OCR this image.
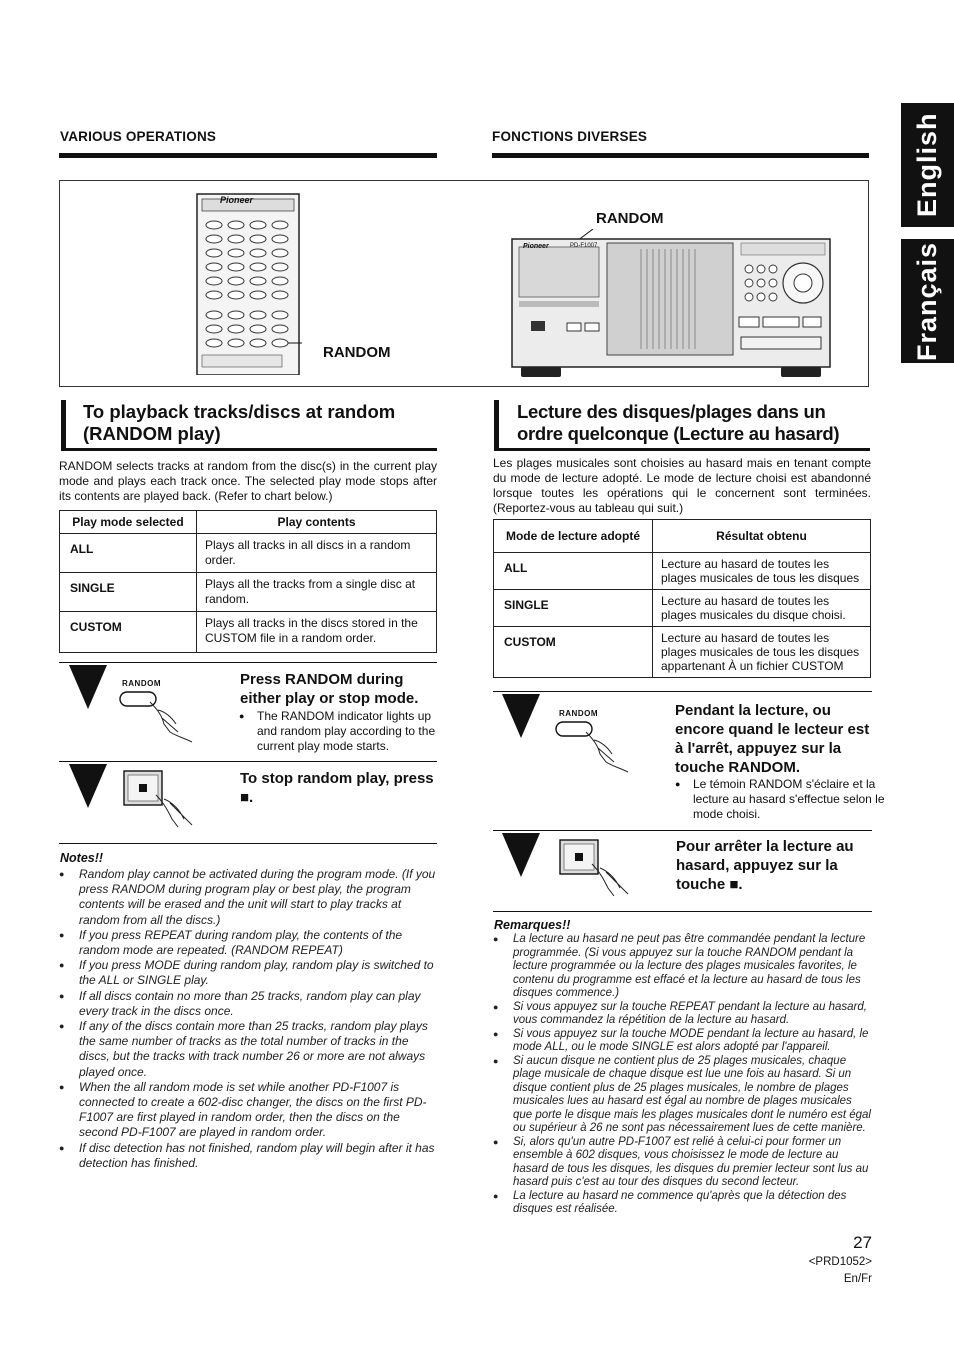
VARIOUS OPERATIONS	FONCTIONS DIVERSES	English
Français
Pioneer
RANDOM
RANDOM
Pioneer	PD-F1007
To playback tracks/discs at random (RANDOM play)
RANDOM selects tracks at random from the disc(s) in the current play mode and plays each track once. The selected play mode stops after its contents are played back. (Refer to chart below.)
Play mode selected	Play contents
ALL	Plays all tracks in all discs in a random order.
SINGLE	Plays all the tracks from a single disc at random.
CUSTOM	Plays all tracks in the discs stored in the CUSTOM file in a random order.
RANDOM	Press RANDOM during either play or stop mode.
● The RANDOM indicator lights up and random play according to the current play mode starts.
To stop random play, press ■.
Notes!!
● Random play cannot be activated during the program mode. (If you press RANDOM during program play or best play, the program contents will be erased and the unit will start to play tracks at random from all the discs.)
● If you press REPEAT during random play, the contents of the random mode are repeated. (RANDOM REPEAT)
● If you press MODE during random play, random play is switched to the ALL or SINGLE play.
● If all discs contain no more than 25 tracks, random play can play every track in the discs once.
● If any of the discs contain more than 25 tracks, random play plays the same number of tracks as the total number of tracks in the discs, but the tracks with track number 26 or more are not always played once.
● When the all random mode is set while another PD-F1007 is connected to create a 602-disc changer, the discs on the first PD-F1007 are first played in random order, then the discs on the second PD-F1007 are played in random order.
● If disc detection has not finished, random play will begin after it has detection has finished.
Lecture des disques/plages dans un ordre quelconque (Lecture au hasard)
Les plages musicales sont choisies au hasard mais en tenant compte du mode de lecture adopté. Le mode de lecture choisi est abandonné lorsque toutes les opérations qui le concernent sont terminées. (Reportez-vous au tableau qui suit.)
Mode de lecture adopté	Résultat obtenu
ALL	Lecture au hasard de toutes les plages musicales de tous les disques
SINGLE	Lecture au hasard de toutes les plages musicales du disque choisi.
CUSTOM	Lecture au hasard de toutes les plages musicales de tous les disques appartenant À un fichier CUSTOM
RANDOM	Pendant la lecture, ou encore quand le lecteur est à l'arrêt, appuyez sur la touche RANDOM.
● Le témoin RANDOM s'éclaire et la lecture au hasard s'effectue selon le mode choisi.
Pour arrêter la lecture au hasard, appuyez sur la touche ■.
Remarques!!
● La lecture au hasard ne peut pas être commandée pendant la lecture programmée. (Si vous appuyez sur la touche RANDOM pendant la lecture programmée ou la lecture des plages musicales favorites, le contenu du programme est effacé et la lecture au hasard de tous les disques commence.)
● Si vous appuyez sur la touche REPEAT pendant la lecture au hasard, vous commandez la répétition de la lecture au hasard.
● Si vous appuyez sur la touche MODE pendant la lecture au hasard, le mode ALL, ou le mode SINGLE est alors adopté par l'appareil.
● Si aucun disque ne contient plus de 25 plages musicales, chaque plage musicale de chaque disque est lue une fois au hasard. Si un disque contient plus de 25 plages musicales, le nombre de plages musicales lues au hasard est égal au nombre de plages musicales que porte le disque mais les plages musicales dont le numéro est égal ou supérieur à 26 ne sont pas nécessairement lues de cette manière.
● Si, alors qu'un autre PD-F1007 est relié à celui-ci pour former un ensemble à 602 disques, vous choisissez le mode de lecture au hasard de tous les disques, les disques du premier lecteur sont lus au hasard puis c'est au tour des disques du second lecteur.
● La lecture au hasard ne commence qu'après que la détection des disques est réalisée.
27
<PRD1052>
En/Fr
